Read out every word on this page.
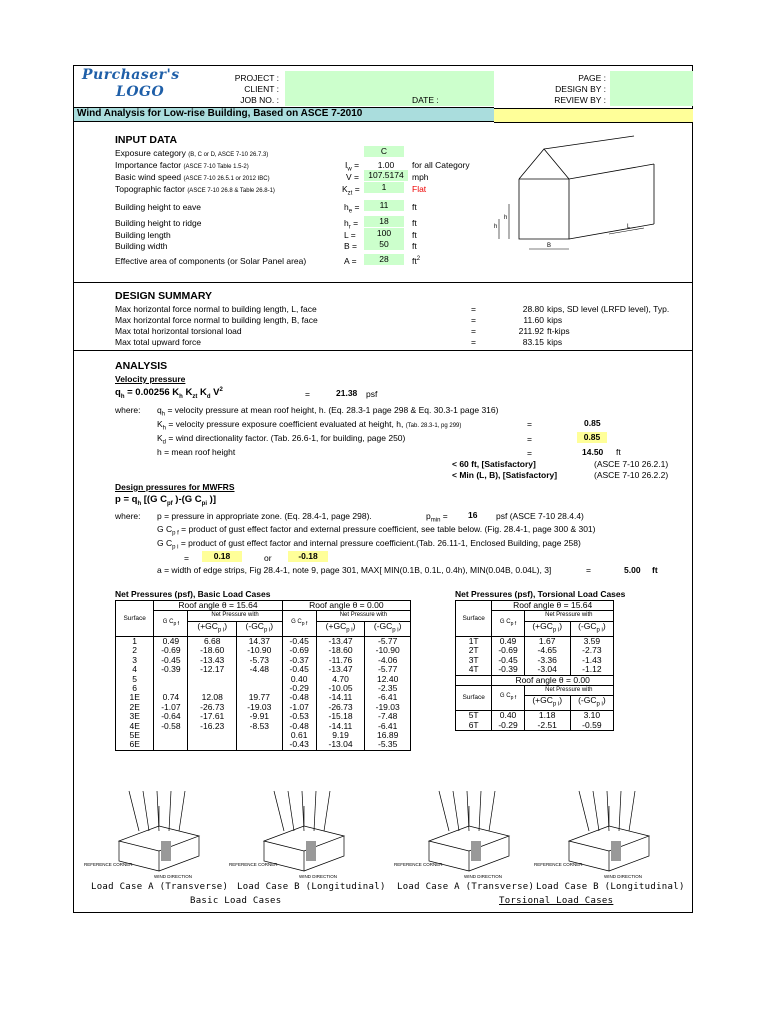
Purchaser's
LOGO
PROJECT :
CLIENT :
JOB NO. :	DATE :
PAGE :
DESIGN BY :
REVIEW BY :
Wind Analysis for Low-rise Building, Based on ASCE 7-2010
INPUT DATA
Exposure category (B, C or D, ASCE 7-10 26.7.3)	C
Importance factor (ASCE 7-10 Table 1.5-2)	$I_w$ =	1.00	for all Category
Basic wind speed (ASCE 7-10 26.5.1 or 2012 IBC)	V =	107.5174 mph
Topographic factor (ASCE 7-10 26.8 & Table 26.8-1)	$K_{zt}$ =	1	Flat
Building height to eave	$h_e$ =	11	ft
Building height to ridge	$h_r$ =	18	ft
Building length	L =	100	ft
Building width	B =	50	ft
Effective area of components (or Solar Panel area)	A =	28	$ft^2$
h
h
B
L
DESIGN SUMMARY
Max horizontal force normal to building length, L, face	=	28.80 kips, SD level (LRFD level), Typ.
Max horizontal force normal to building length, B, face	=	11.60 kips
Max total horizontal torsional load	=	211.92 ft-kips
Max total upward force	=	83.15 kips
ANALYSIS
Velocity pressure
$q_h = 0.00256$ $K_h$ $K_{zt}$ $K_d$ $V^2$	=	21.38 psf
where: $q_h$ = velocity pressure at mean roof height, h. (Eq. 28.3-1 page 298 & Eq. 30.3-1 page 316)
$K_h$ = velocity pressure exposure coefficient evaluated at height, h, (Tab. 28.3-1, pg 299)	=	0.85
$K_d$ = wind directionality factor. (Tab. 26.6-1, for building, page 250)	=	0.85
h = mean roof height	=	14.50 ft
< 60 ft, [Satisfactory]	(ASCE 7-10 26.2.1)
< Min (L, B), [Satisfactory]	(ASCE 7-10 26.2.2)
Design pressures for MWFRS
$p = q_h$ [(G $C_{pf}$ )-(G $C_{pi}$ )]
where: p = pressure in appropriate zone. (Eq. 28.4-1, page 298).	$p_{min} = 16$ psf (ASCE 7-10 28.4.4)
G $C_{p f}$ = product of gust effect factor and external pressure coefficient, see table below. (Fig. 28.4-1, page 300 & 301)
G $C_{p i}$ = product of gust effect factor and internal pressure coefficient.(Tab. 26.11-1, Enclosed Building, page 258)
=	0.18	or	-0.18
a = width of edge strips, Fig 28.4-1, note 9, page 301, MAX[ MIN(0.1B, 0.1L, 0.4h), MIN(0.04B, 0.04L), 3]	=	5.00 ft
Net Pressures (psf), Basic Load Cases
Surface	Roof angle θ = 15.64			Roof angle θ = 0.00		
	G $C_{p f}$	Net Pressure with		G $C_{p f}$	Net Pressure with	
		$(+GC_{p i})$	$(-GC_{p i})$		$(+GC_{p i})$	$(-GC_{p i})$
1	0.49	6.68	14.37	-0.45	-13.47	-5.77
2	-0.69	-18.60	-10.90	-0.69	-18.60	-10.90
3	-0.45	-13.43	-5.73	-0.37	-11.76	-4.06
4	-0.39	-12.17	-4.48	-0.45	-13.47	-5.77
5				0.40	4.70	12.40
6				-0.29	-10.05	-2.35
1E	0.74	12.08	19.77	-0.48	-14.11	-6.41
2E	-1.07	-26.73	-19.03	-1.07	-26.73	-19.03
3E	-0.64	-17.61	-9.91	-0.53	-15.18	-7.48
4E	-0.58	-16.23	-8.53	-0.48	-14.11	-6.41
5E				0.61	9.19	16.89
6E				-0.43	-13.04	-5.35
Net Pressures (psf), Torsional Load Cases
Surface	Roof angle θ = 15.64		
	G $C_{p f}$	Net Pressure with	
		$(+GC_{p i})$	$(-GC_{p i})$
1T	0.49	1.67	3.59
2T	-0.69	-4.65	-2.73
3T	-0.45	-3.36	-1.43
4T	-0.39	-3.04	-1.12
	Roof angle θ = 0.00		
Surface	G $C_{p f}$	Net Pressure with	
		$(+GC_{p i})$	$(-GC_{p i})$
5T	0.40	1.18	3.10
6T	-0.29	-2.51	-0.59
REFERENCE CORNER
WIND DIRECTION
REFERENCE CORNER
WIND DIRECTION
REFERENCE CORNER
WIND DIRECTION
REFERENCE CORNER
WIND DIRECTION
Load Case A (Transverse) Load Case B (Longitudinal) Load Case A (Transverse) Load Case B (Longitudinal)
Basic Load Cases	Torsional Load Cases
